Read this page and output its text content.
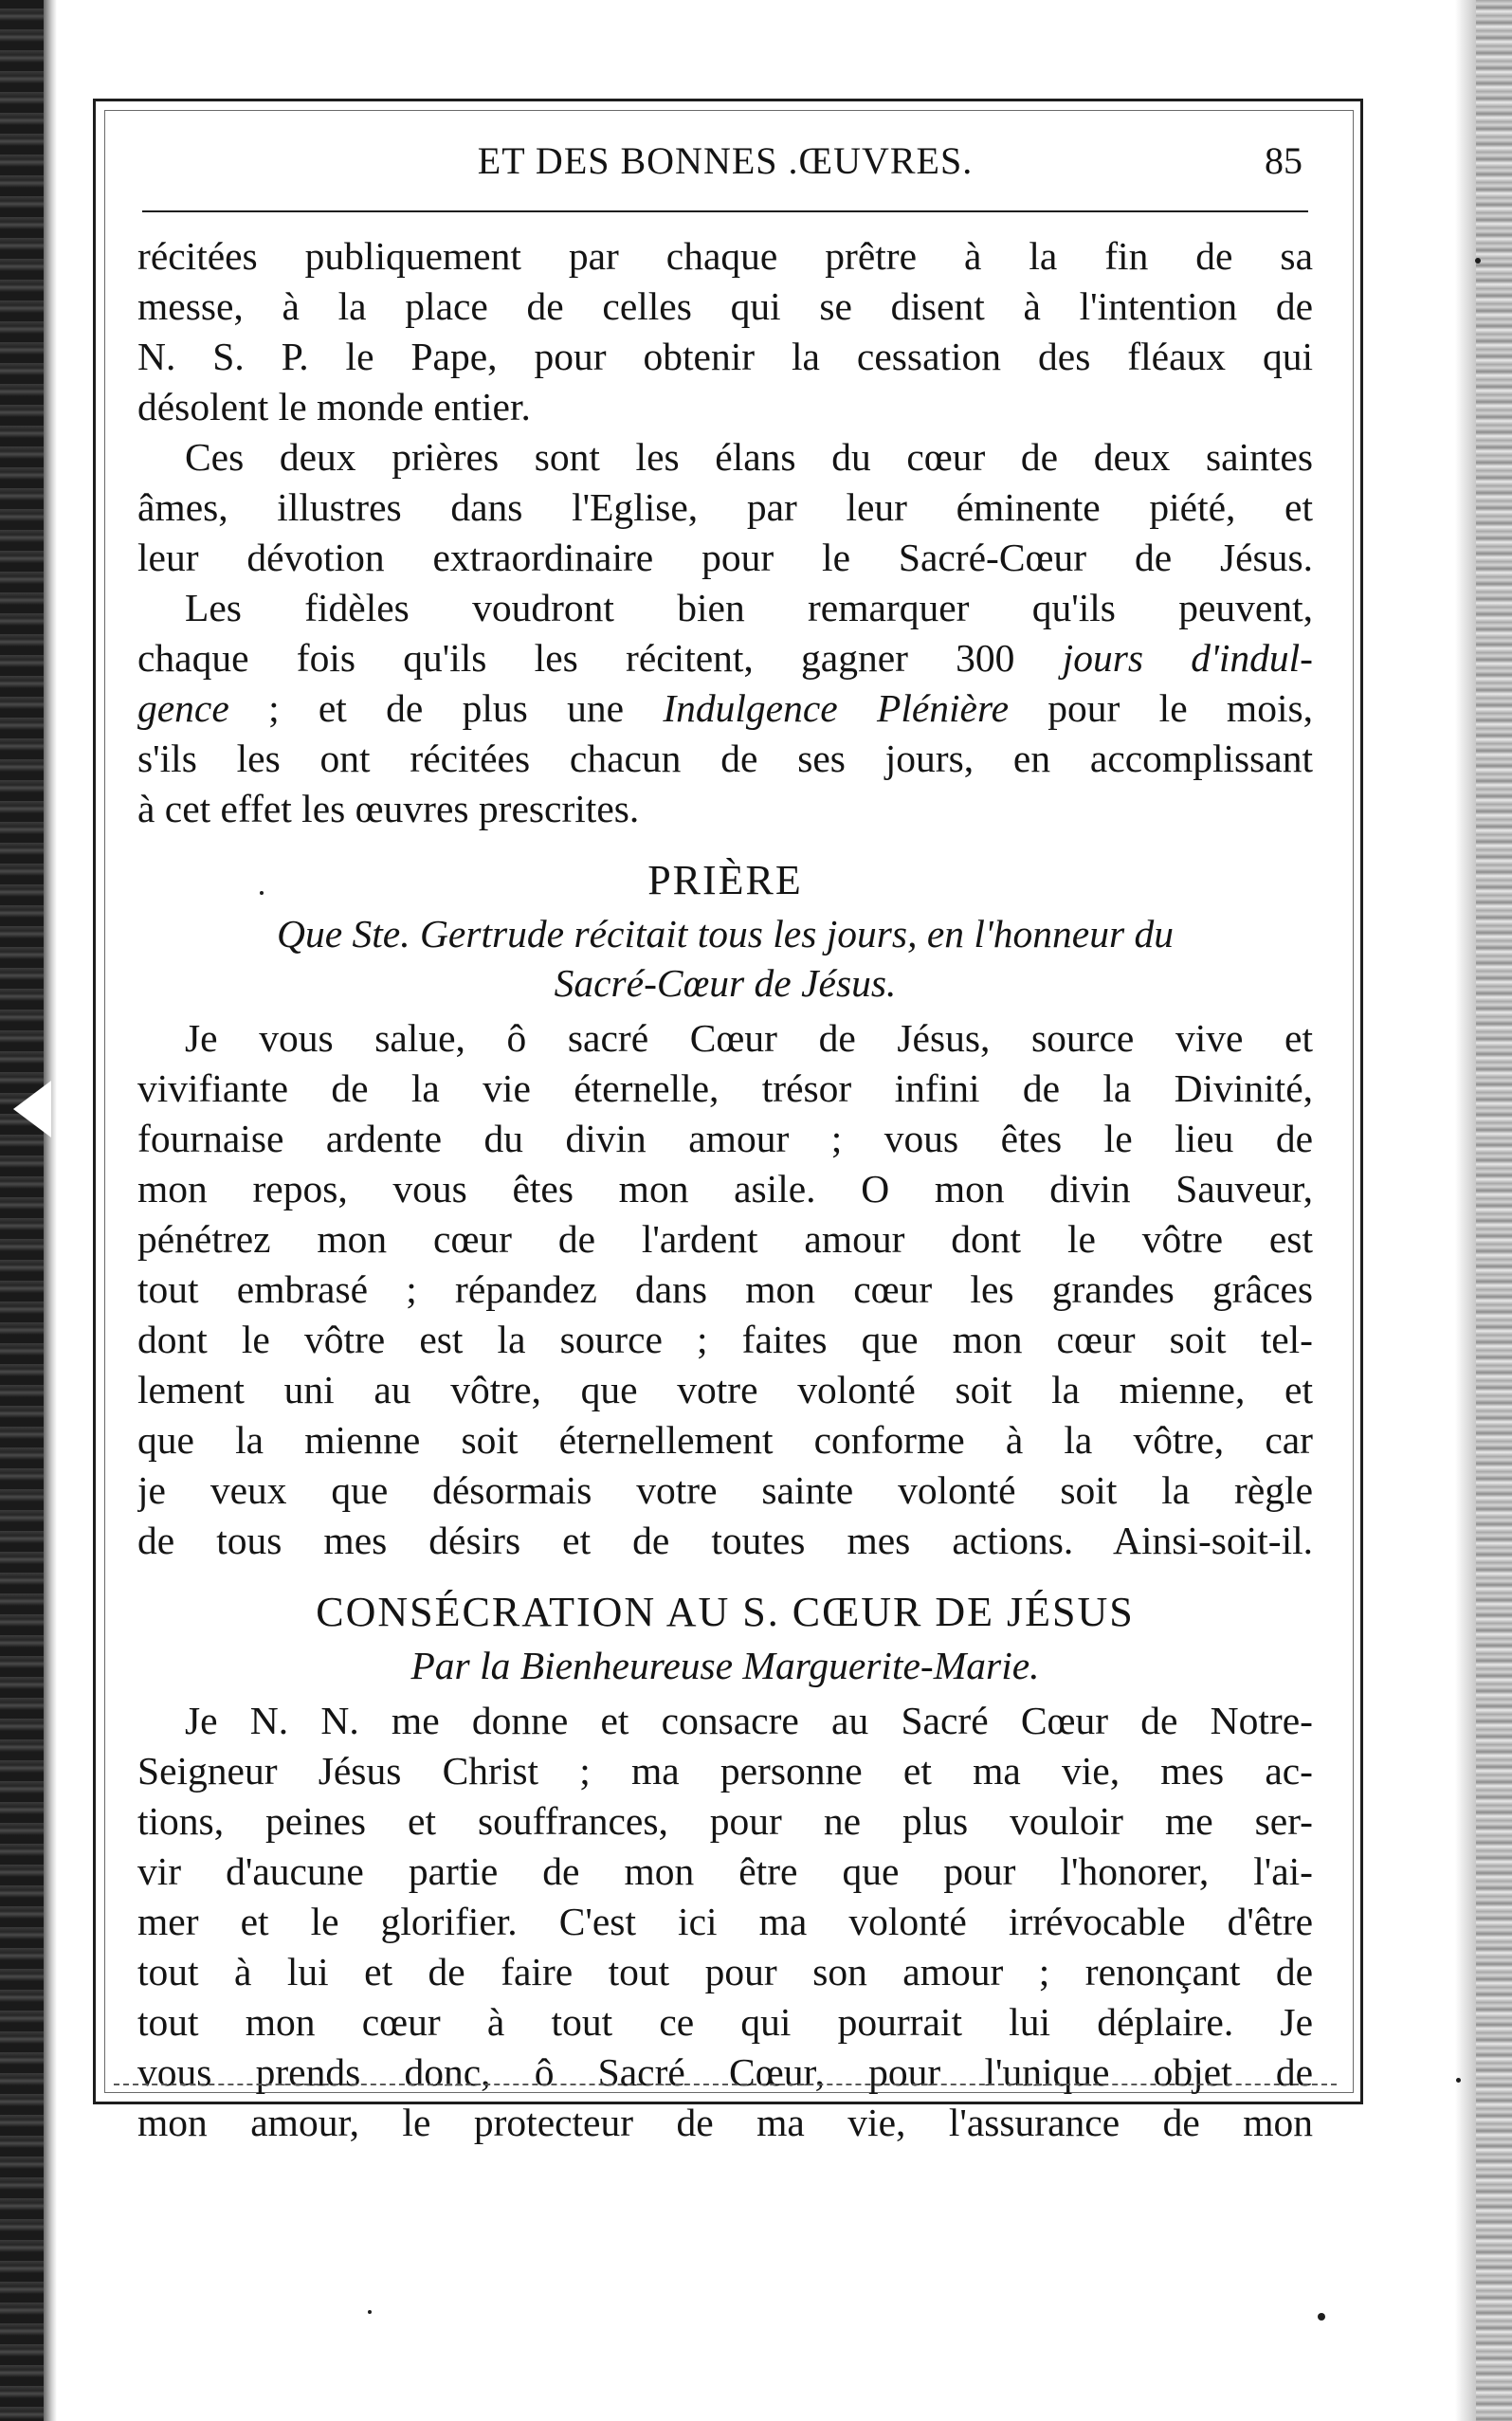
ET DES BONNES .ŒUVRES.	85

récitées publiquement par chaque prêtre à la fin de sa
messe, à la place de celles qui se disent à l'intention de
N. S. P. le Pape, pour obtenir la cessation des fléaux qui
désolent le monde entier.

Ces deux prières sont les élans du cœur de deux saintes
âmes, illustres dans l'Eglise, par leur éminente piété, et
leur dévotion extraordinaire pour le Sacré-Cœur de Jésus.

Les fidèles voudront bien remarquer qu'ils peuvent,
chaque fois qu'ils les récitent, gagner 300 jours d'indul-
gence ; et de plus une Indulgence Plénière pour le mois,
s'ils les ont récitées chacun de ses jours, en accomplissant
à cet effet les œuvres prescrites.

PRIÈRE
Que Ste. Gertrude récitait tous les jours, en l'honneur du
Sacré-Cœur de Jésus.

Je vous salue, ô sacré Cœur de Jésus, source vive et
vivifiante de la vie éternelle, trésor infini de la Divinité,
fournaise ardente du divin amour ; vous êtes le lieu de
mon repos, vous êtes mon asile. O mon divin Sauveur,
pénétrez mon cœur de l'ardent amour dont le vôtre est
tout embrasé ; répandez dans mon cœur les grandes grâces
dont le vôtre est la source ; faites que mon cœur soit tel-
lement uni au vôtre, que votre volonté soit la mienne, et
que la mienne soit éternellement conforme à la vôtre, car
je veux que désormais votre sainte volonté soit la règle
de tous mes désirs et de toutes mes actions. Ainsi-soit-il.

CONSÉCRATION AU S. CŒUR DE JÉSUS
Par la Bienheureuse Marguerite-Marie.

Je N. N. me donne et consacre au Sacré Cœur de Notre-
Seigneur Jésus Christ ; ma personne et ma vie, mes ac-
tions, peines et souffrances, pour ne plus vouloir me ser-
vir d'aucune partie de mon être que pour l'honorer, l'ai-
mer et le glorifier. C'est ici ma volonté irrévocable d'être
tout à lui et de faire tout pour son amour ; renonçant de
tout mon cœur à tout ce qui pourrait lui déplaire. Je
vous prends donc, ô Sacré Cœur, pour l'unique objet de
mon amour, le protecteur de ma vie, l'assurance de mon
